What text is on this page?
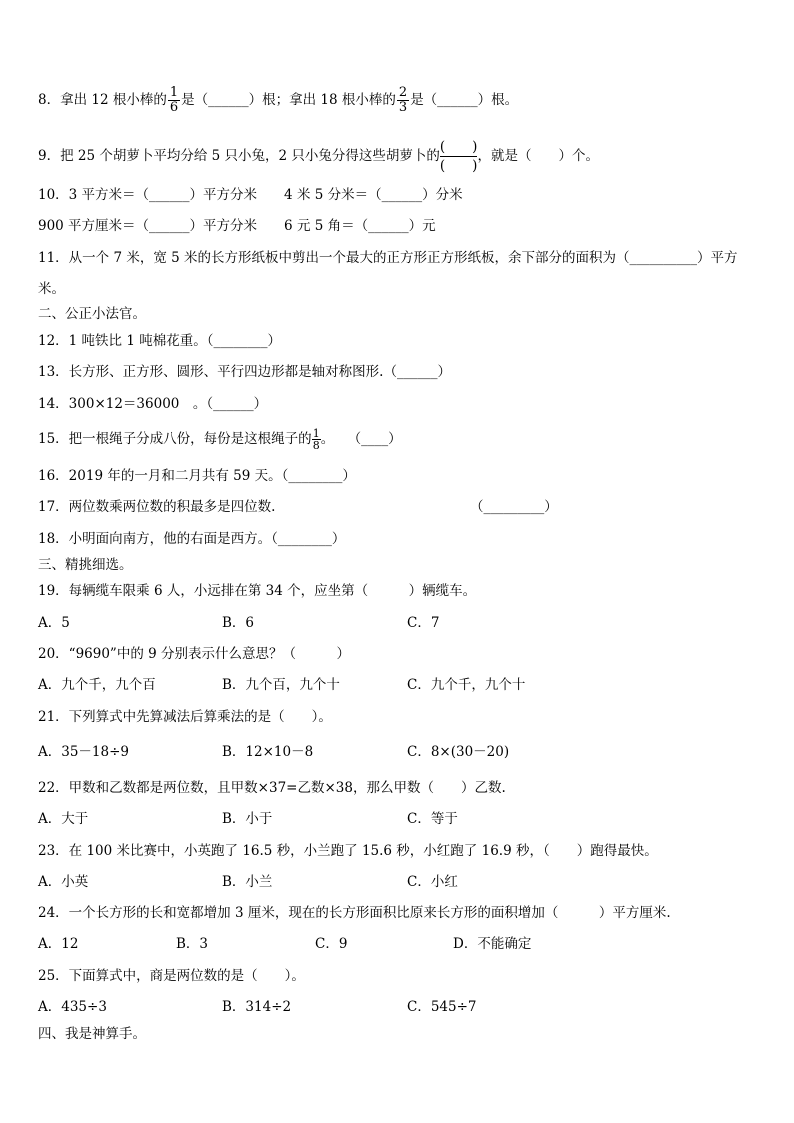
8．拿出 12 根小棒的 $\frac{1}{6}$ 是（______）根；拿出 18 根小棒的 $\frac{2}{3}$ 是（______）根。
9．把 25 个胡萝卜平均分给 5 只小兔，2 只小兔分得这些胡萝卜的 $\frac{( )}{( )}$ ，就是（　　）个。
10．3 平方米＝（______）平方分米　　4 米 5 分米＝（______）分米
900 平方厘米＝（______）平方分米　　6 元 5 角＝（______）元
11．从一个 7 米，宽 5 米的长方形纸板中剪出一个最大的正方形正方形纸板，余下部分的面积为（__________）平方
米。
二、公正小法官。
12．1 吨铁比 1 吨棉花重。（________）
13．长方形、正方形、圆形、平行四边形都是轴对称图形.（______）
14．300×12＝36000　。（______）
15．把一根绳子分成八份，每份是这根绳子的 $\frac{1}{8}$ 。　　（____）
16．2019 年的一月和二月共有 59 天。（________）
17．两位数乘两位数的积最多是四位数.	（_________）
18．小明面向南方，他的右面是西方。（________）
三、精挑细选。
19．每辆缆车限乘 6 人，小远排在第 34 个，应坐第（　　　）辆缆车。
A．5	B．6	C．7
20．“9690”中的 9 分别表示什么意思？（　　　）
A．九个千，九个百	B．九个百，九个十	C．九个千，九个十
21．下列算式中先算减法后算乘法的是（　　）。
A．35－18÷9	B．12×10－8	C．8×(30－20)
22．甲数和乙数都是两位数，且甲数×37=乙数×38，那么甲数（　　）乙数.
A．大于	B．小于	C．等于
23．在 100 米比赛中，小英跑了 16.5 秒，小兰跑了 15.6 秒，小红跑了 16.9 秒，（　　）跑得最快。
A．小英	B．小兰	C．小红
24．一个长方形的长和宽都增加 3 厘米，现在的长方形面积比原来长方形的面积增加（　　　）平方厘米.
A．12	B．3	C．9	D．不能确定
25．下面算式中，商是两位数的是（　　）。
A．435÷3	B．314÷2	C．545÷7
四、我是神算手。
